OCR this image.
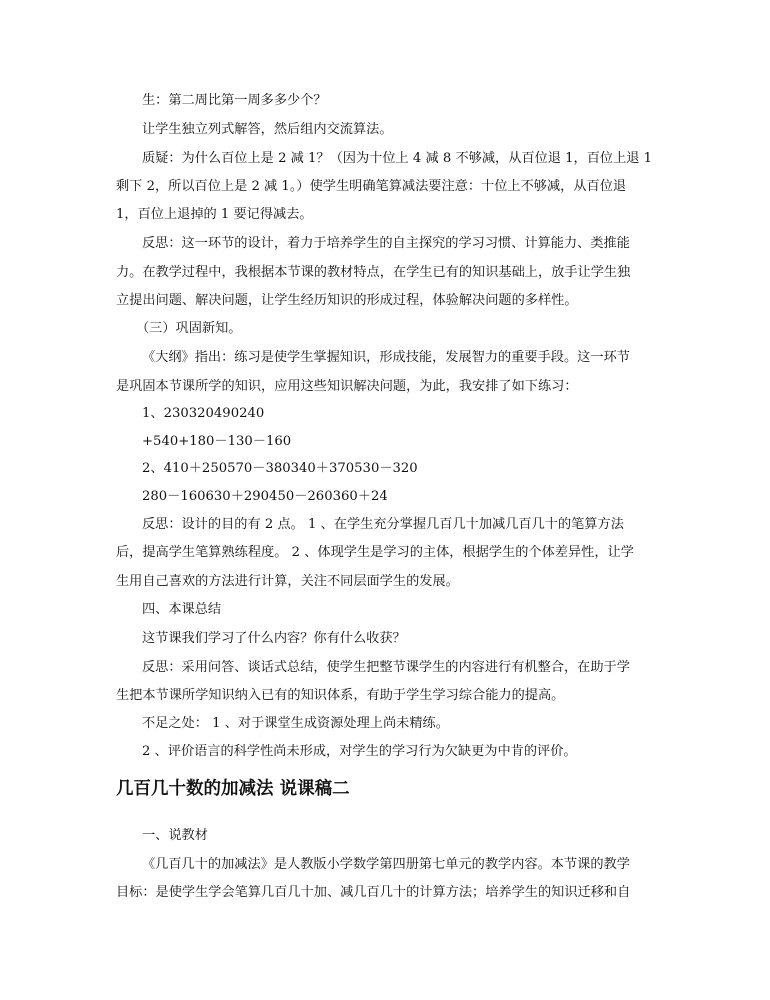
生：第二周比第一周多多少个？
让学生独立列式解答，然后组内交流算法。
质疑：为什么百位上是 2 减 1？（因为十位上 4 减 8 不够减，从百位退 1，百位上退 1
剩下 2，所以百位上是 2 减 1。）使学生明确笔算减法要注意：十位上不够减，从百位退
1，百位上退掉的 1 要记得减去。
反思：这一环节的设计，着力于培养学生的自主探究的学习习惯、计算能力、类推能
力。在教学过程中，我根据本节课的教材特点，在学生已有的知识基础上，放手让学生独
立提出问题、解决问题，让学生经历知识的形成过程，体验解决问题的多样性。
（三）巩固新知。
《大纲》指出：练习是使学生掌握知识，形成技能，发展智力的重要手段。这一环节
是巩固本节课所学的知识，应用这些知识解决问题，为此，我安排了如下练习：
1、230320490240
+540+180－130－160
2、410＋250570－380340＋370530－320
280－160630＋290450－260360＋24
反思：设计的目的有 2 点。 1 、在学生充分掌握几百几十加减几百几十的笔算方法
后，提高学生笔算熟练程度。 2 、体现学生是学习的主体，根据学生的个体差异性，让学
生用自己喜欢的方法进行计算，关注不同层面学生的发展。
四、本课总结
这节课我们学习了什么内容？你有什么收获？
反思：采用问答、谈话式总结，使学生把整节课学生的内容进行有机整合，在助于学
生把本节课所学知识纳入已有的知识体系，有助于学生学习综合能力的提高。
不足之处： 1 、对于课堂生成资源处理上尚未精练。
2 、评价语言的科学性尚未形成，对学生的学习行为欠缺更为中肯的评价。
几百几十数的加减法 说课稿二
一、说教材
《几百几十的加减法》是人教版小学数学第四册第七单元的教学内容。本节课的教学
目标：是使学生学会笔算几百几十加、减几百几十的计算方法；培养学生的知识迁移和自
